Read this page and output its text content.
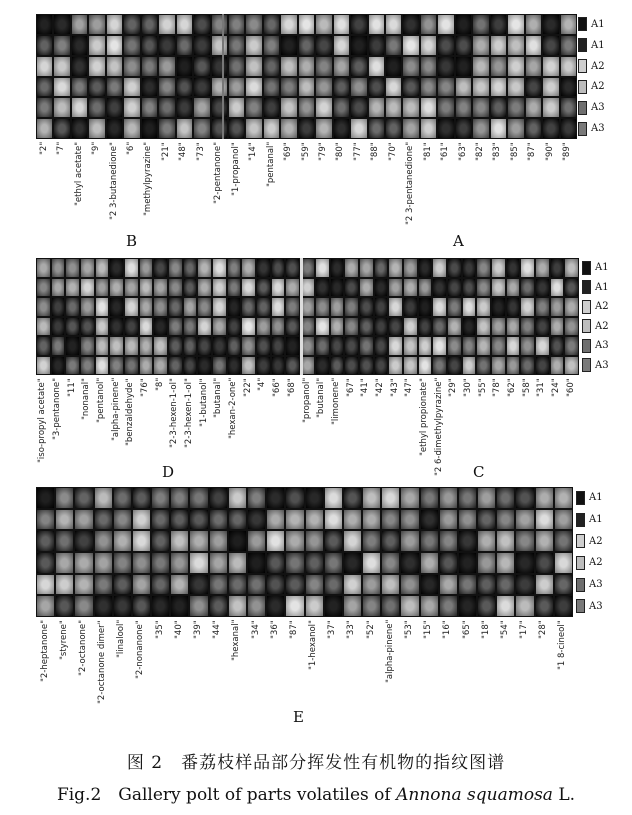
A1
A1
A2
A2
A3
A3
"2" "7" "ethyl acetate" "9" "2 3-butanedione" "6" "methylpyrazine" "21" "48" "73" "2-pentanone" "1-propanol" "14" "pentanal" "69" "59" "79" "80" "77" "88" "70" "2 3-pentanedione" "81" "61" "63" "82" "83" "85" "87" "90" "89"
B	A
A1
A1
A2
A2
A3
A3
"iso-propyl acetate" "3-pentanone" "11" "nonanal" "pentanol" "alpha-pinene" "benzaldehyde" "76" "8" "2-3-hexen-1-ol" "2-3-hexen-1-ol" "1-butanol" "butanal" "hexan-2-one" "22" "4" "66" "68" "propanol" "butanal" "limonene" "67" "41" "42" "43" "47" "ethyl propionate" "2 6-dimethylpyrazine" "29" "30" "55" "78" "62" "58" "31" "24" "60"
D	C
A1
A1
A2
A2
A3
A3
"2-heptanone" "styrene" "2-octanone" "2-octanone dimer" "linalool" "2-nonanone" "35" "40" "39" "44" "hexanal" "34" "36" "87" "1-hexanol" "37" "33" "52" "alpha-pinene" "53" "15" "16" "65" "18" "54" "17" "28" "1 8-cineol"
E
图 2　番荔枝样品部分挥发性有机物的指纹图谱
Fig.2　Gallery polt of parts volatiles of Annona squamosa L.
